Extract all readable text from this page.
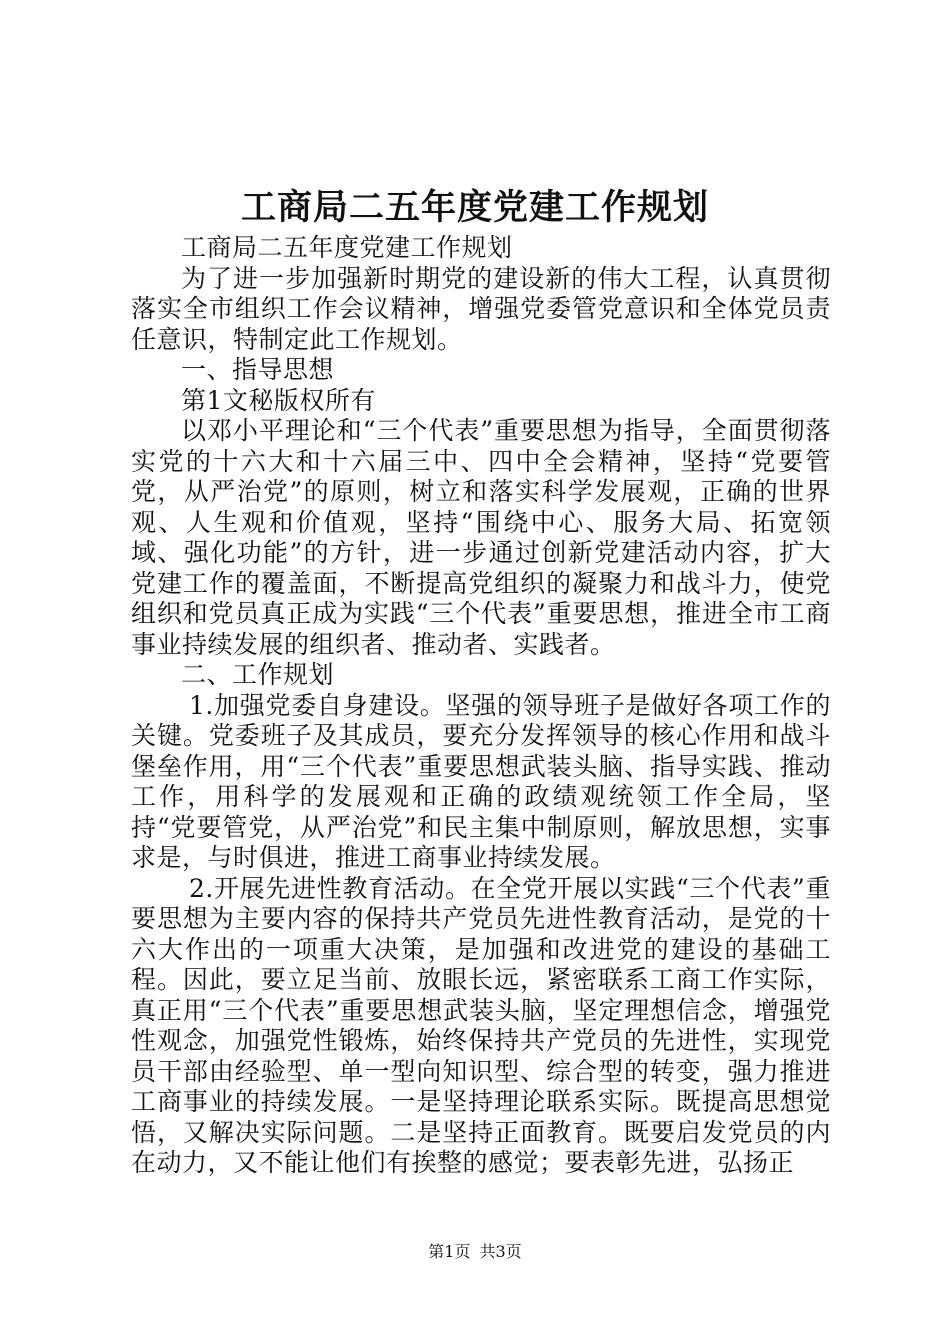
工商局二五年度党建工作规划

工商局二五年度党建工作规划

为了进一步加强新时期党的建设新的伟大工程，认真贯彻落实全市组织工作会议精神，增强党委管党意识和全体党员责任意识，特制定此工作规划。

一、指导思想

第1文秘版权所有

以邓小平理论和“三个代表”重要思想为指导，全面贯彻落实党的十六大和十六届三中、四中全会精神，坚持“党要管党，从严治党”的原则，树立和落实科学发展观，正确的世界观、人生观和价值观，坚持“围绕中心、服务大局、拓宽领域、强化功能”的方针，进一步通过创新党建活动内容，扩大党建工作的覆盖面，不断提高党组织的凝聚力和战斗力，使党组织和党员真正成为实践“三个代表”重要思想，推进全市工商事业持续发展的组织者、推动者、实践者。

二、工作规划

1.加强党委自身建设。坚强的领导班子是做好各项工作的关键。党委班子及其成员，要充分发挥领导的核心作用和战斗堡垒作用，用“三个代表”重要思想武装头脑、指导实践、推动工作，用科学的发展观和正确的政绩观统领工作全局，坚持“党要管党，从严治党”和民主集中制原则，解放思想，实事求是，与时俱进，推进工商事业持续发展。

2.开展先进性教育活动。在全党开展以实践“三个代表”重要思想为主要内容的保持共产党员先进性教育活动，是党的十六大作出的一项重大决策，是加强和改进党的建设的基础工程。因此，要立足当前、放眼长远，紧密联系工商工作实际，真正用“三个代表”重要思想武装头脑，坚定理想信念，增强党性观念，加强党性锻炼，始终保持共产党员的先进性，实现党员干部由经验型、单一型向知识型、综合型的转变，强力推进工商事业的持续发展。一是坚持理论联系实际。既提高思想觉悟，又解决实际问题。二是坚持正面教育。既要启发党员的内在动力，又不能让他们有挨整的感觉；要表彰先进，弘扬正

第1页 共3页
